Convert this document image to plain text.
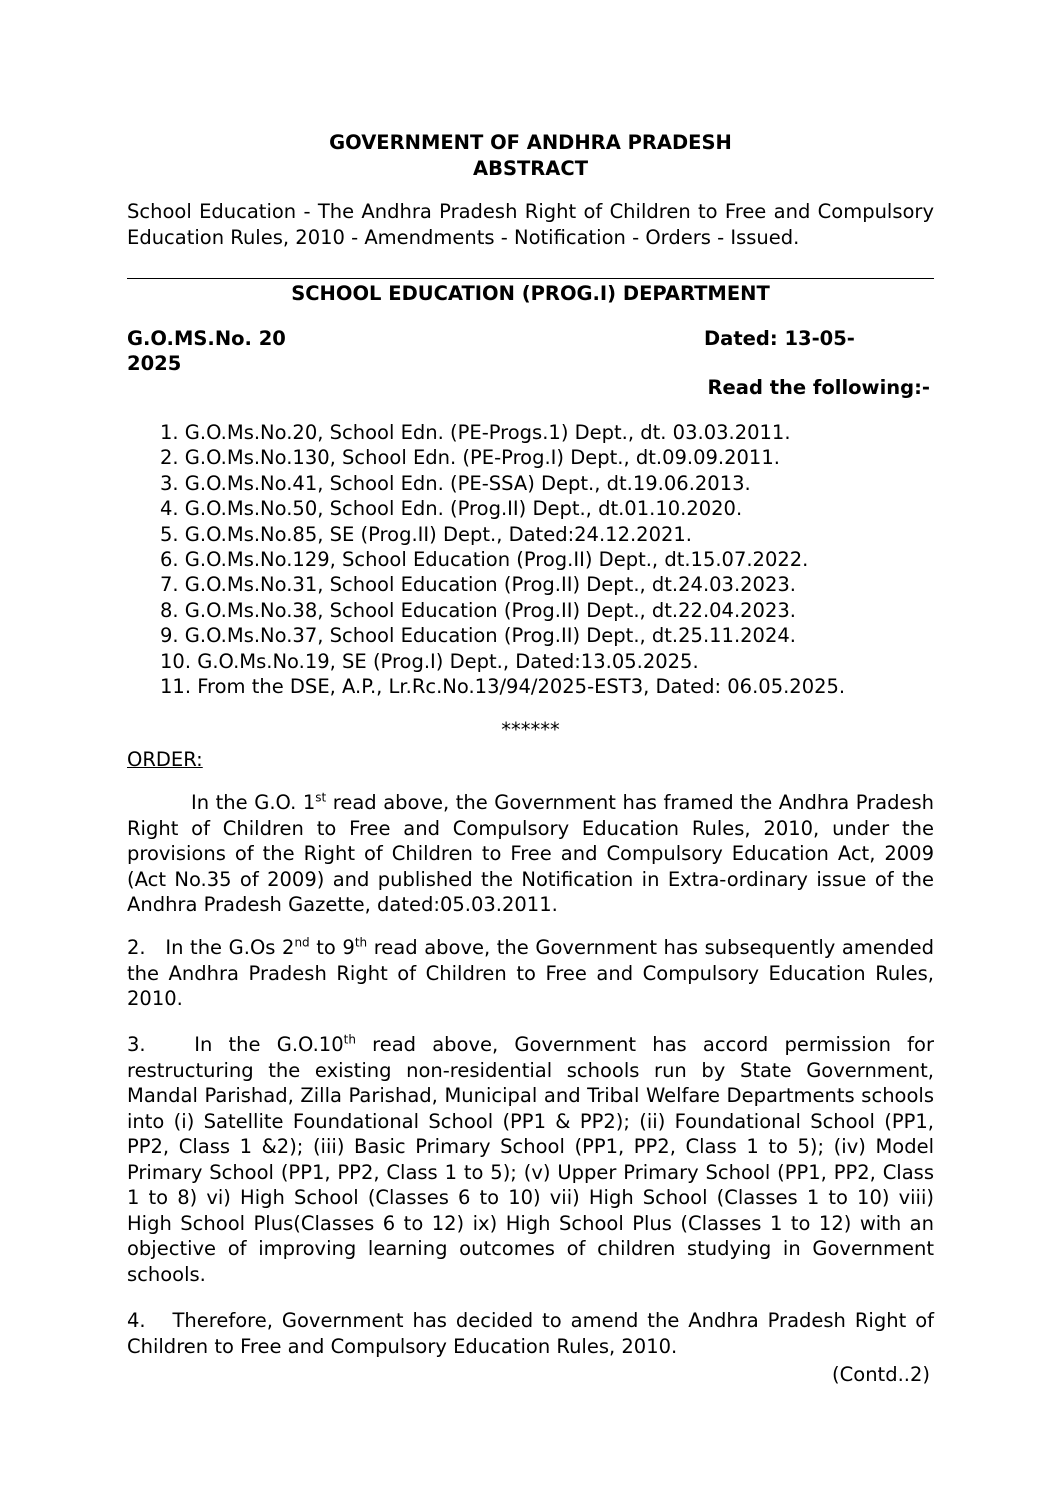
GOVERNMENT OF ANDHRA PRADESH
ABSTRACT
School Education - The Andhra Pradesh Right of Children to Free and Compulsory Education Rules, 2010 - Amendments - Notification - Orders - Issued.
SCHOOL EDUCATION (PROG.I) DEPARTMENT
G.O.MS.No. 20
2025
Dated: 13-05-
Read the following:-
1. G.O.Ms.No.20, School Edn. (PE-Progs.1) Dept., dt. 03.03.2011.
2. G.O.Ms.No.130, School Edn. (PE-Prog.I) Dept., dt.09.09.2011.
3. G.O.Ms.No.41, School Edn. (PE-SSA) Dept., dt.19.06.2013.
4. G.O.Ms.No.50, School Edn. (Prog.II) Dept., dt.01.10.2020.
5. G.O.Ms.No.85, SE (Prog.II) Dept., Dated:24.12.2021.
6. G.O.Ms.No.129, School Education (Prog.II) Dept., dt.15.07.2022.
7. G.O.Ms.No.31, School Education (Prog.II) Dept., dt.24.03.2023.
8. G.O.Ms.No.38, School Education (Prog.II) Dept., dt.22.04.2023.
9. G.O.Ms.No.37, School Education (Prog.II) Dept., dt.25.11.2024.
10. G.O.Ms.No.19, SE (Prog.I) Dept., Dated:13.05.2025.
11. From the DSE, A.P., Lr.Rc.No.13/94/2025-EST3, Dated: 06.05.2025.
******
ORDER:
In the G.O. 1st read above, the Government has framed the Andhra Pradesh Right of Children to Free and Compulsory Education Rules, 2010, under the provisions of the Right of Children to Free and Compulsory Education Act, 2009 (Act No.35 of 2009) and published the Notification in Extra-ordinary issue of the Andhra Pradesh Gazette, dated:05.03.2011.
2. In the G.Os 2nd to 9th read above, the Government has subsequently amended the Andhra Pradesh Right of Children to Free and Compulsory Education Rules, 2010.
3. In the G.O.10th read above, Government has accord permission for restructuring the existing non-residential schools run by State Government, Mandal Parishad, Zilla Parishad, Municipal and Tribal Welfare Departments schools into (i) Satellite Foundational School (PP1 & PP2); (ii) Foundational School (PP1, PP2, Class 1 &2); (iii) Basic Primary School (PP1, PP2, Class 1 to 5); (iv) Model Primary School (PP1, PP2, Class 1 to 5); (v) Upper Primary School (PP1, PP2, Class 1 to 8) vi) High School (Classes 6 to 10) vii) High School (Classes 1 to 10) viii) High School Plus(Classes 6 to 12) ix) High School Plus (Classes 1 to 12) with an objective of improving learning outcomes of children studying in Government schools.
4. Therefore, Government has decided to amend the Andhra Pradesh Right of Children to Free and Compulsory Education Rules, 2010.
(Contd..2)
